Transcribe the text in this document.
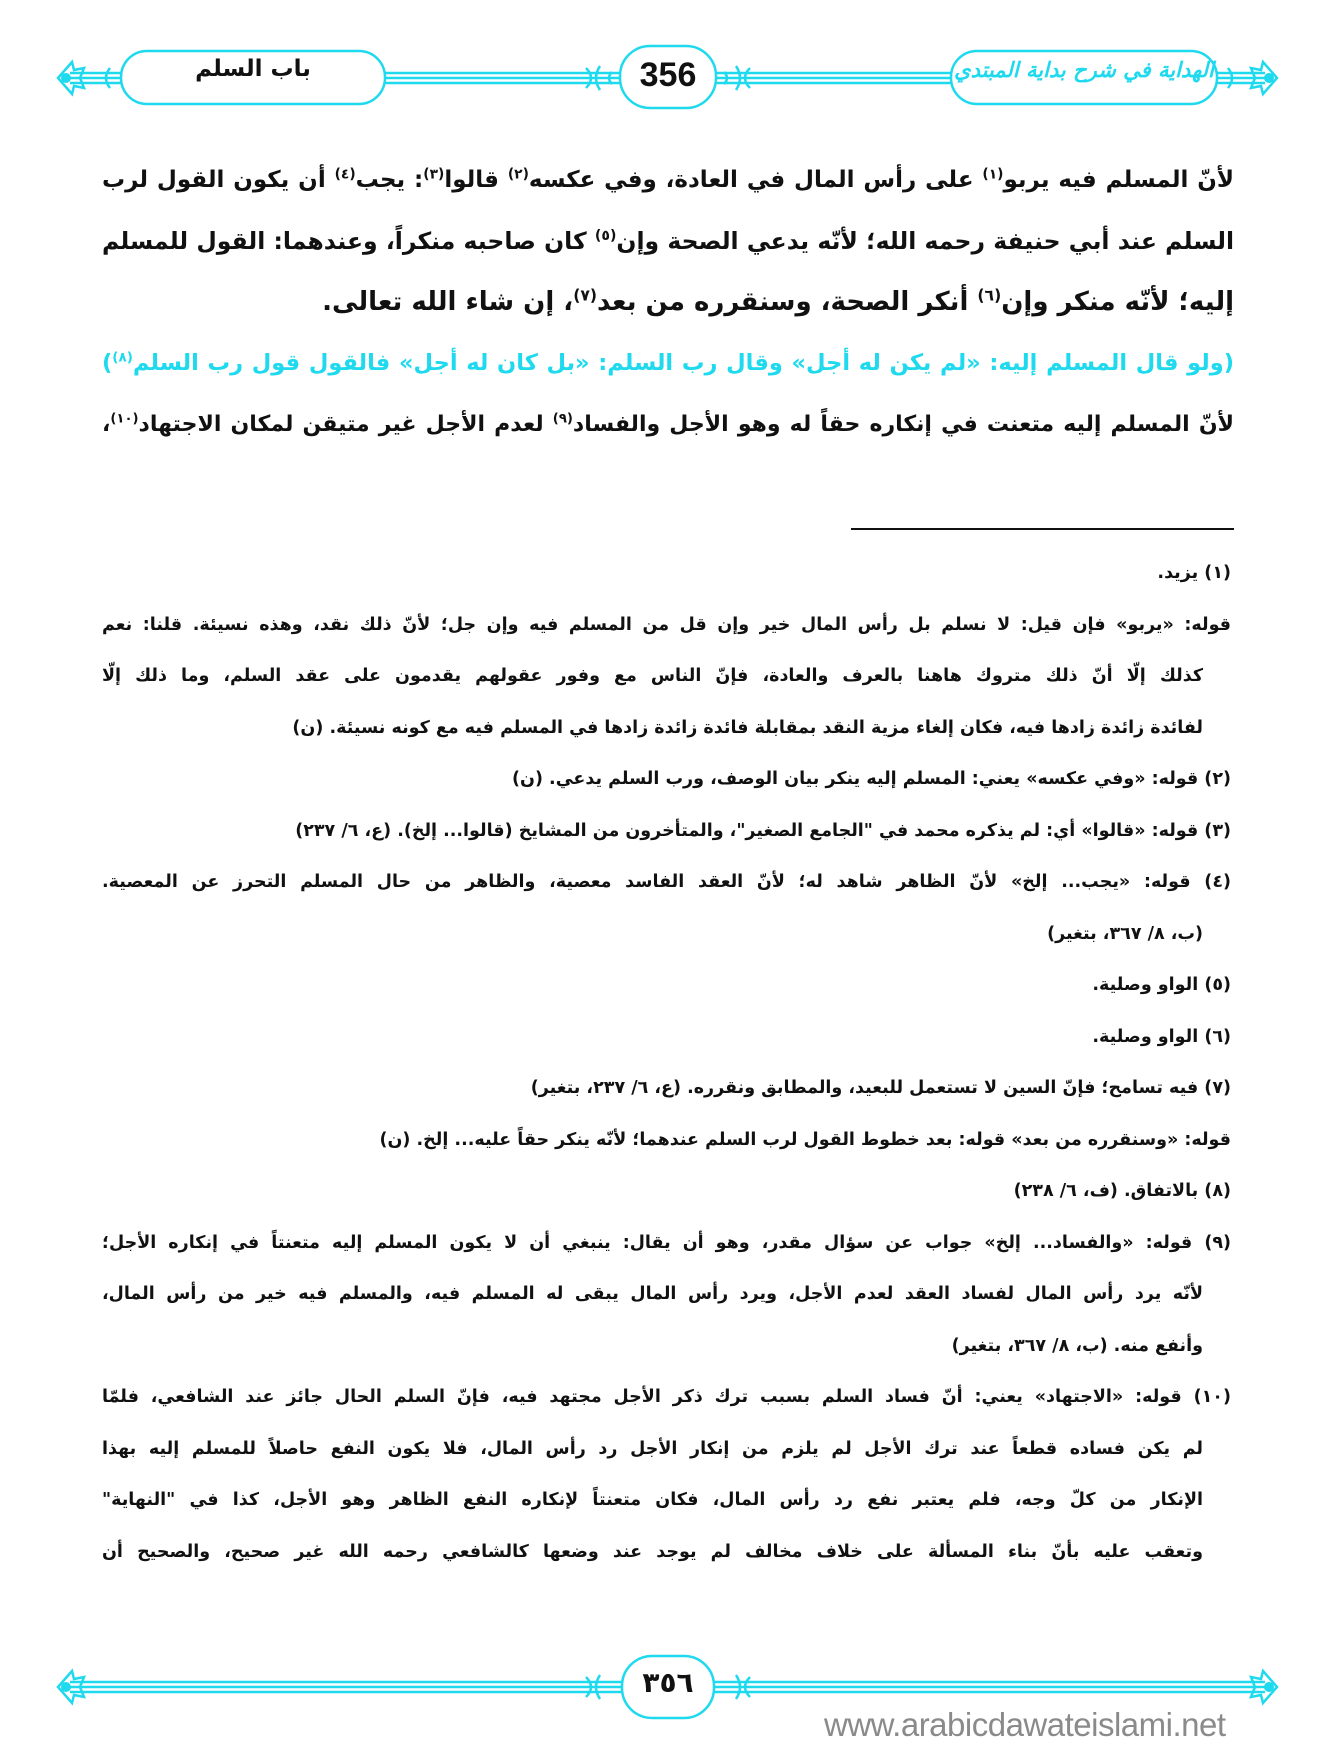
باب السلم	356	الهداية في شرح بداية المبتدي
لأنّ المسلم فيه يربو$^{(١)}$ على رأس المال في العادة، وفي عكسه$^{(٢)}$ قالوا$^{(٣)}$: يجب$^{(٤)}$ أن يكون القول لرب
السلم عند أبي حنيفة رحمه الله؛ لأنّه يدعي الصحة وإن$^{(٥)}$ كان صاحبه منكراً، وعندهما: القول للمسلم
إليه؛ لأنّه منكر وإن$^{(٦)}$ أنكر الصحة، وسنقرره من بعد$^{(٧)}$، إن شاء الله تعالى.
(ولو قال المسلم إليه: «لم يكن له أجل» وقال رب السلم: «بل كان له أجل» فالقول قول رب السلم$^{(٨)}$)
لأنّ المسلم إليه متعنت في إنكاره حقاً له وهو الأجل والفساد$^{(٩)}$ لعدم الأجل غير متيقن لمكان الاجتهاد$^{(١٠)}$،
(١) يزيد.
قوله: «يربو» فإن قيل: لا نسلم بل رأس المال خير وإن قل من المسلم فيه وإن جل؛ لأنّ ذلك نقد، وهذه نسيئة. قلنا: نعم
كذلك إلّا أنّ ذلك متروك هاهنا بالعرف والعادة، فإنّ الناس مع وفور عقولهم يقدمون على عقد السلم، وما ذلك إلّا
لفائدة زائدة زادها فيه، فكان إلغاء مزية النقد بمقابلة فائدة زائدة زادها في المسلم فيه مع كونه نسيئة. (ن)
(٢) قوله: «وفي عكسه» يعني: المسلم إليه ينكر بيان الوصف، ورب السلم يدعي. (ن)
(٣) قوله: «قالوا» أي: لم يذكره محمد في "الجامع الصغير"، والمتأخرون من المشايخ (قالوا... إلخ). (ع، ٦/ ٢٣٧)
(٤) قوله: «يجب... إلخ» لأنّ الظاهر شاهد له؛ لأنّ العقد الفاسد معصية، والظاهر من حال المسلم التحرز عن المعصية.
(ب، ٨/ ٣٦٧، بتغير)
(٥) الواو وصلية.
(٦) الواو وصلية.
(٧) فيه تسامح؛ فإنّ السين لا تستعمل للبعيد، والمطابق ونقرره. (ع، ٦/ ٢٣٧، بتغير)
قوله: «وسنقرره من بعد» قوله: بعد خطوط القول لرب السلم عندهما؛ لأنّه ينكر حقاً عليه... إلخ. (ن)
(٨) بالاتفاق. (ف، ٦/ ٢٣٨)
(٩) قوله: «والفساد... إلخ» جواب عن سؤال مقدر، وهو أن يقال: ينبغي أن لا يكون المسلم إليه متعنتاً في إنكاره الأجل؛
لأنّه يرد رأس المال لفساد العقد لعدم الأجل، ويرد رأس المال يبقى له المسلم فيه، والمسلم فيه خير من رأس المال،
وأنفع منه. (ب، ٨/ ٣٦٧، بتغير)
(١٠) قوله: «الاجتهاد» يعني: أنّ فساد السلم بسبب ترك ذكر الأجل مجتهد فيه، فإنّ السلم الحال جائز عند الشافعي، فلمّا
لم يكن فساده قطعاً عند ترك الأجل لم يلزم من إنكار الأجل رد رأس المال، فلا يكون النفع حاصلاً للمسلم إليه بهذا
الإنكار من كلّ وجه، فلم يعتبر نفع رد رأس المال، فكان متعنتاً لإنكاره النفع الظاهر وهو الأجل، كذا في "النهاية"
وتعقب عليه بأنّ بناء المسألة على خلاف مخالف لم يوجد عند وضعها كالشافعي رحمه الله غير صحيح، والصحيح أن
٣٥٦
www.arabicdawateislami.net
